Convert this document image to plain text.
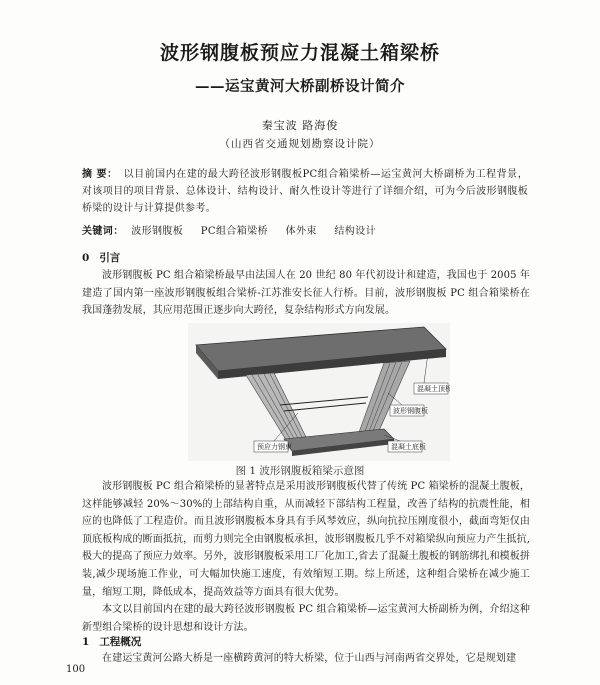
波形钢腹板预应力混凝土箱梁桥
——运宝黄河大桥副桥设计简介
秦宝波 路海俊
（山西省交通规划勘察设计院）
摘 要： 以目前国内在建的最大跨径波形钢腹板PC组合箱梁桥—运宝黄河大桥副桥为工程背景，对该项目的项目背景、总体设计、结构设计、耐久性设计等进行了详细介绍，可为今后波形钢腹板桥梁的设计与计算提供参考。
关键词： 波形钢腹板 PC组合箱梁桥 体外束 结构设计
0 引言
波形钢腹板 PC 组合箱梁桥最早由法国人在 20 世纪 80 年代初设计和建造，我国也于 2005 年建造了国内第一座波形钢腹板组合梁桥-江苏淮安长征人行桥。目前，波形钢腹板 PC 组合箱梁桥在我国蓬勃发展，其应用范围正逐步向大跨径，复杂结构形式方向发展。
混凝土顶板
波形钢腹板
混凝土底板
预应力钢束
图 1 波形钢腹板箱梁示意图
波形钢腹板 PC 组合箱梁桥的显著特点是采用波形钢腹板代替了传统 PC 箱梁桥的混凝土腹板，这样能够减轻 20%～30%的上部结构自重，从而减轻下部结构工程量，改善了结构的抗震性能，相应的也降低了工程造价。而且波形钢腹板本身具有手风琴效应，纵向抗拉压刚度很小，截面弯矩仅由顶底板构成的断面抵抗，而剪力则完全由钢腹板承担，波形钢腹板几乎不对箱梁纵向预应力产生抵抗,极大的提高了预应力效率。另外，波形钢腹板采用工厂化加工,省去了混凝土腹板的钢筋绑扎和模板拼装,减少现场施工作业，可大幅加快施工速度，有效缩短工期。综上所述，这种组合梁桥在减少施工量，缩短工期，降低成本，提高效益等方面具有很大优势。
本文以目前国内在建的最大跨径波形钢腹板 PC 组合箱梁桥—运宝黄河大桥副桥为例，介绍这种新型组合梁桥的设计思想和设计方法。
1 工程概况
在建运宝黄河公路大桥是一座横跨黄河的特大桥梁，位于山西与河南两省交界处，它是规划建
100
